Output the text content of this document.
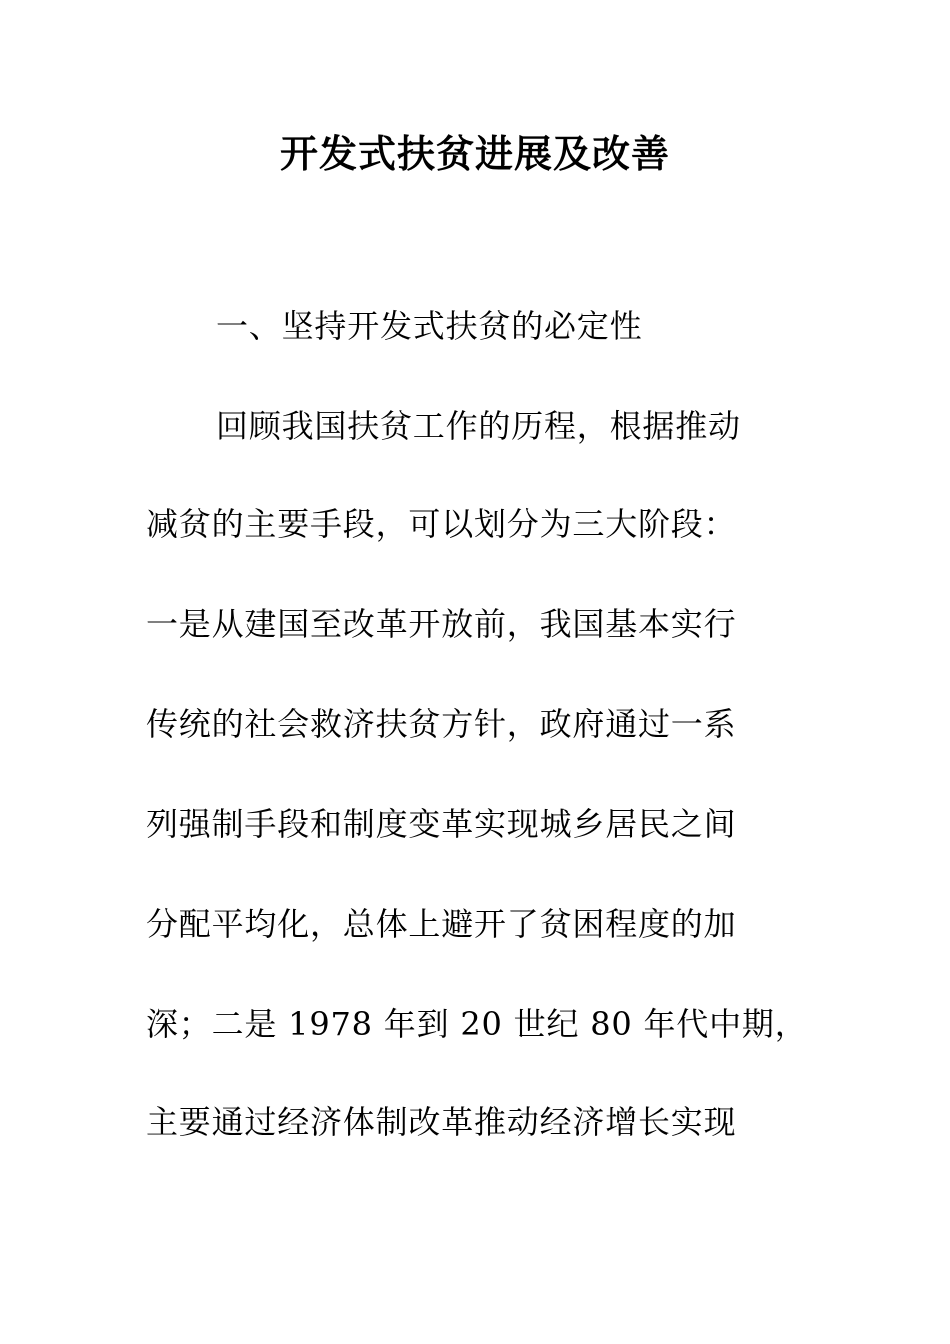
开发式扶贫进展及改善
一、坚持开发式扶贫的必定性
回顾我国扶贫工作的历程，根据推动
减贫的主要手段，可以划分为三大阶段：
一是从建国至改革开放前，我国基本实行
传统的社会救济扶贫方针，政府通过一系
列强制手段和制度变革实现城乡居民之间
分配平均化，总体上避开了贫困程度的加
深；二是 1978 年到 20 世纪 80 年代中期，
主要通过经济体制改革推动经济增长实现
